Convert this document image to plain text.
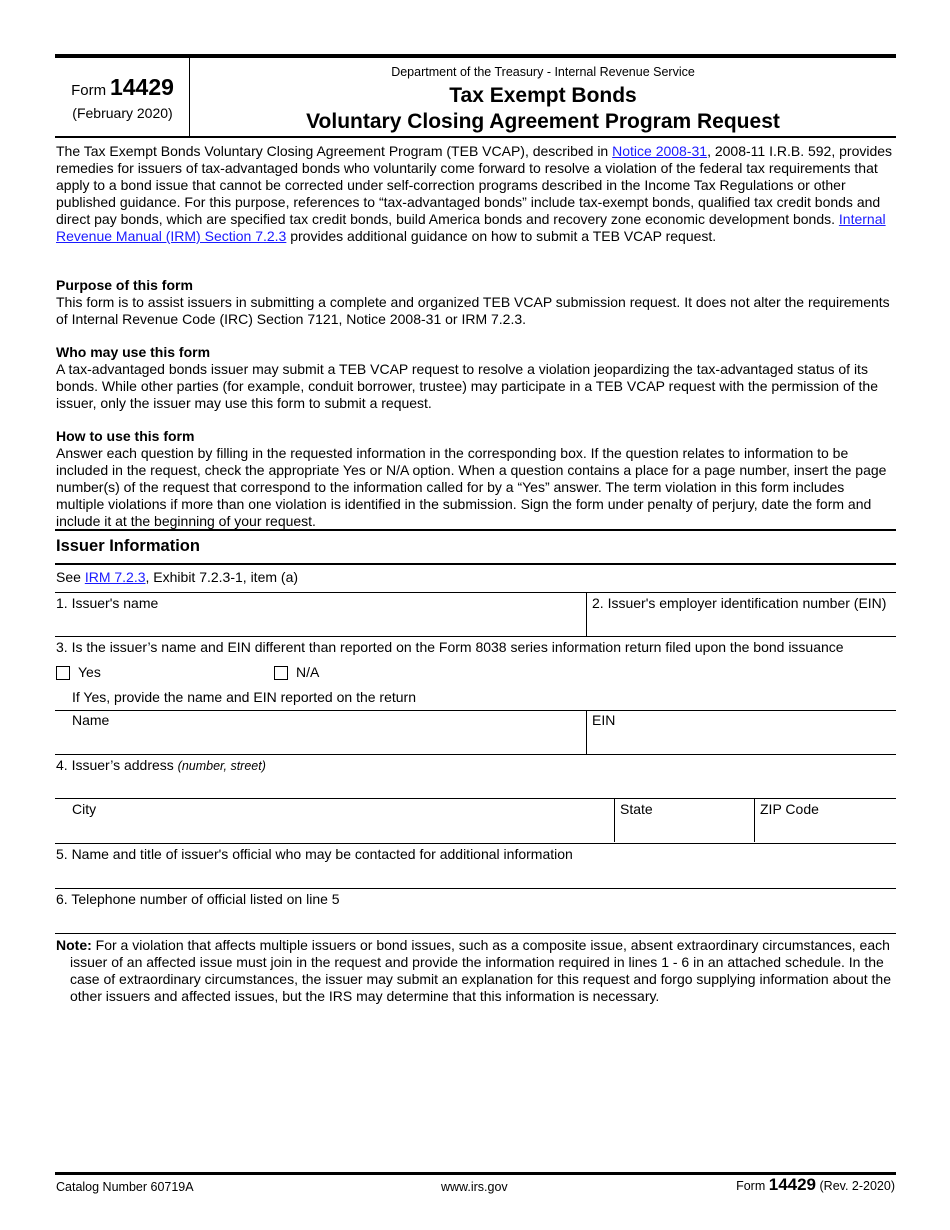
Form 14429
(February 2020)
Department of the Treasury - Internal Revenue Service
Tax Exempt Bonds
Voluntary Closing Agreement Program Request
The Tax Exempt Bonds Voluntary Closing Agreement Program (TEB VCAP), described in Notice 2008-31, 2008-11 I.R.B. 592, provides remedies for issuers of tax-advantaged bonds who voluntarily come forward to resolve a violation of the federal tax requirements that apply to a bond issue that cannot be corrected under self-correction programs described in the Income Tax Regulations or other published guidance. For this purpose, references to “tax-advantaged bonds” include tax-exempt bonds, qualified tax credit bonds and direct pay bonds, which are specified tax credit bonds, build America bonds and recovery zone economic development bonds. Internal Revenue Manual (IRM) Section 7.2.3 provides additional guidance on how to submit a TEB VCAP request.
Purpose of this form
This form is to assist issuers in submitting a complete and organized TEB VCAP submission request. It does not alter the requirements of Internal Revenue Code (IRC) Section 7121, Notice 2008-31 or IRM 7.2.3.
Who may use this form
A tax-advantaged bonds issuer may submit a TEB VCAP request to resolve a violation jeopardizing the tax-advantaged status of its bonds. While other parties (for example, conduit borrower, trustee) may participate in a TEB VCAP request with the permission of the issuer, only the issuer may use this form to submit a request.
How to use this form
Answer each question by filling in the requested information in the corresponding box. If the question relates to information to be included in the request, check the appropriate Yes or N/A option. When a question contains a place for a page number, insert the page number(s) of the request that correspond to the information called for by a “Yes” answer. The term violation in this form includes multiple violations if more than one violation is identified in the submission. Sign the form under penalty of perjury, date the form and include it at the beginning of your request.
Issuer Information
See IRM 7.2.3, Exhibit 7.2.3-1, item (a)
1. Issuer's name	2. Issuer's employer identification number (EIN)
3. Is the issuer’s name and EIN different than reported on the Form 8038 series information return filed upon the bond issuance
Yes	N/A
If Yes, provide the name and EIN reported on the return
Name	EIN
4. Issuer’s address (number, street)
City	State	ZIP Code
5. Name and title of issuer's official who may be contacted for additional information
6. Telephone number of official listed on line 5
Note: For a violation that affects multiple issuers or bond issues, such as a composite issue, absent extraordinary circumstances, each issuer of an affected issue must join in the request and provide the information required in lines 1 - 6 in an attached schedule. In the case of extraordinary circumstances, the issuer may submit an explanation for this request and forgo supplying information about the other issuers and affected issues, but the IRS may determine that this information is necessary.
Catalog Number 60719A	www.irs.gov	Form 14429 (Rev. 2-2020)
